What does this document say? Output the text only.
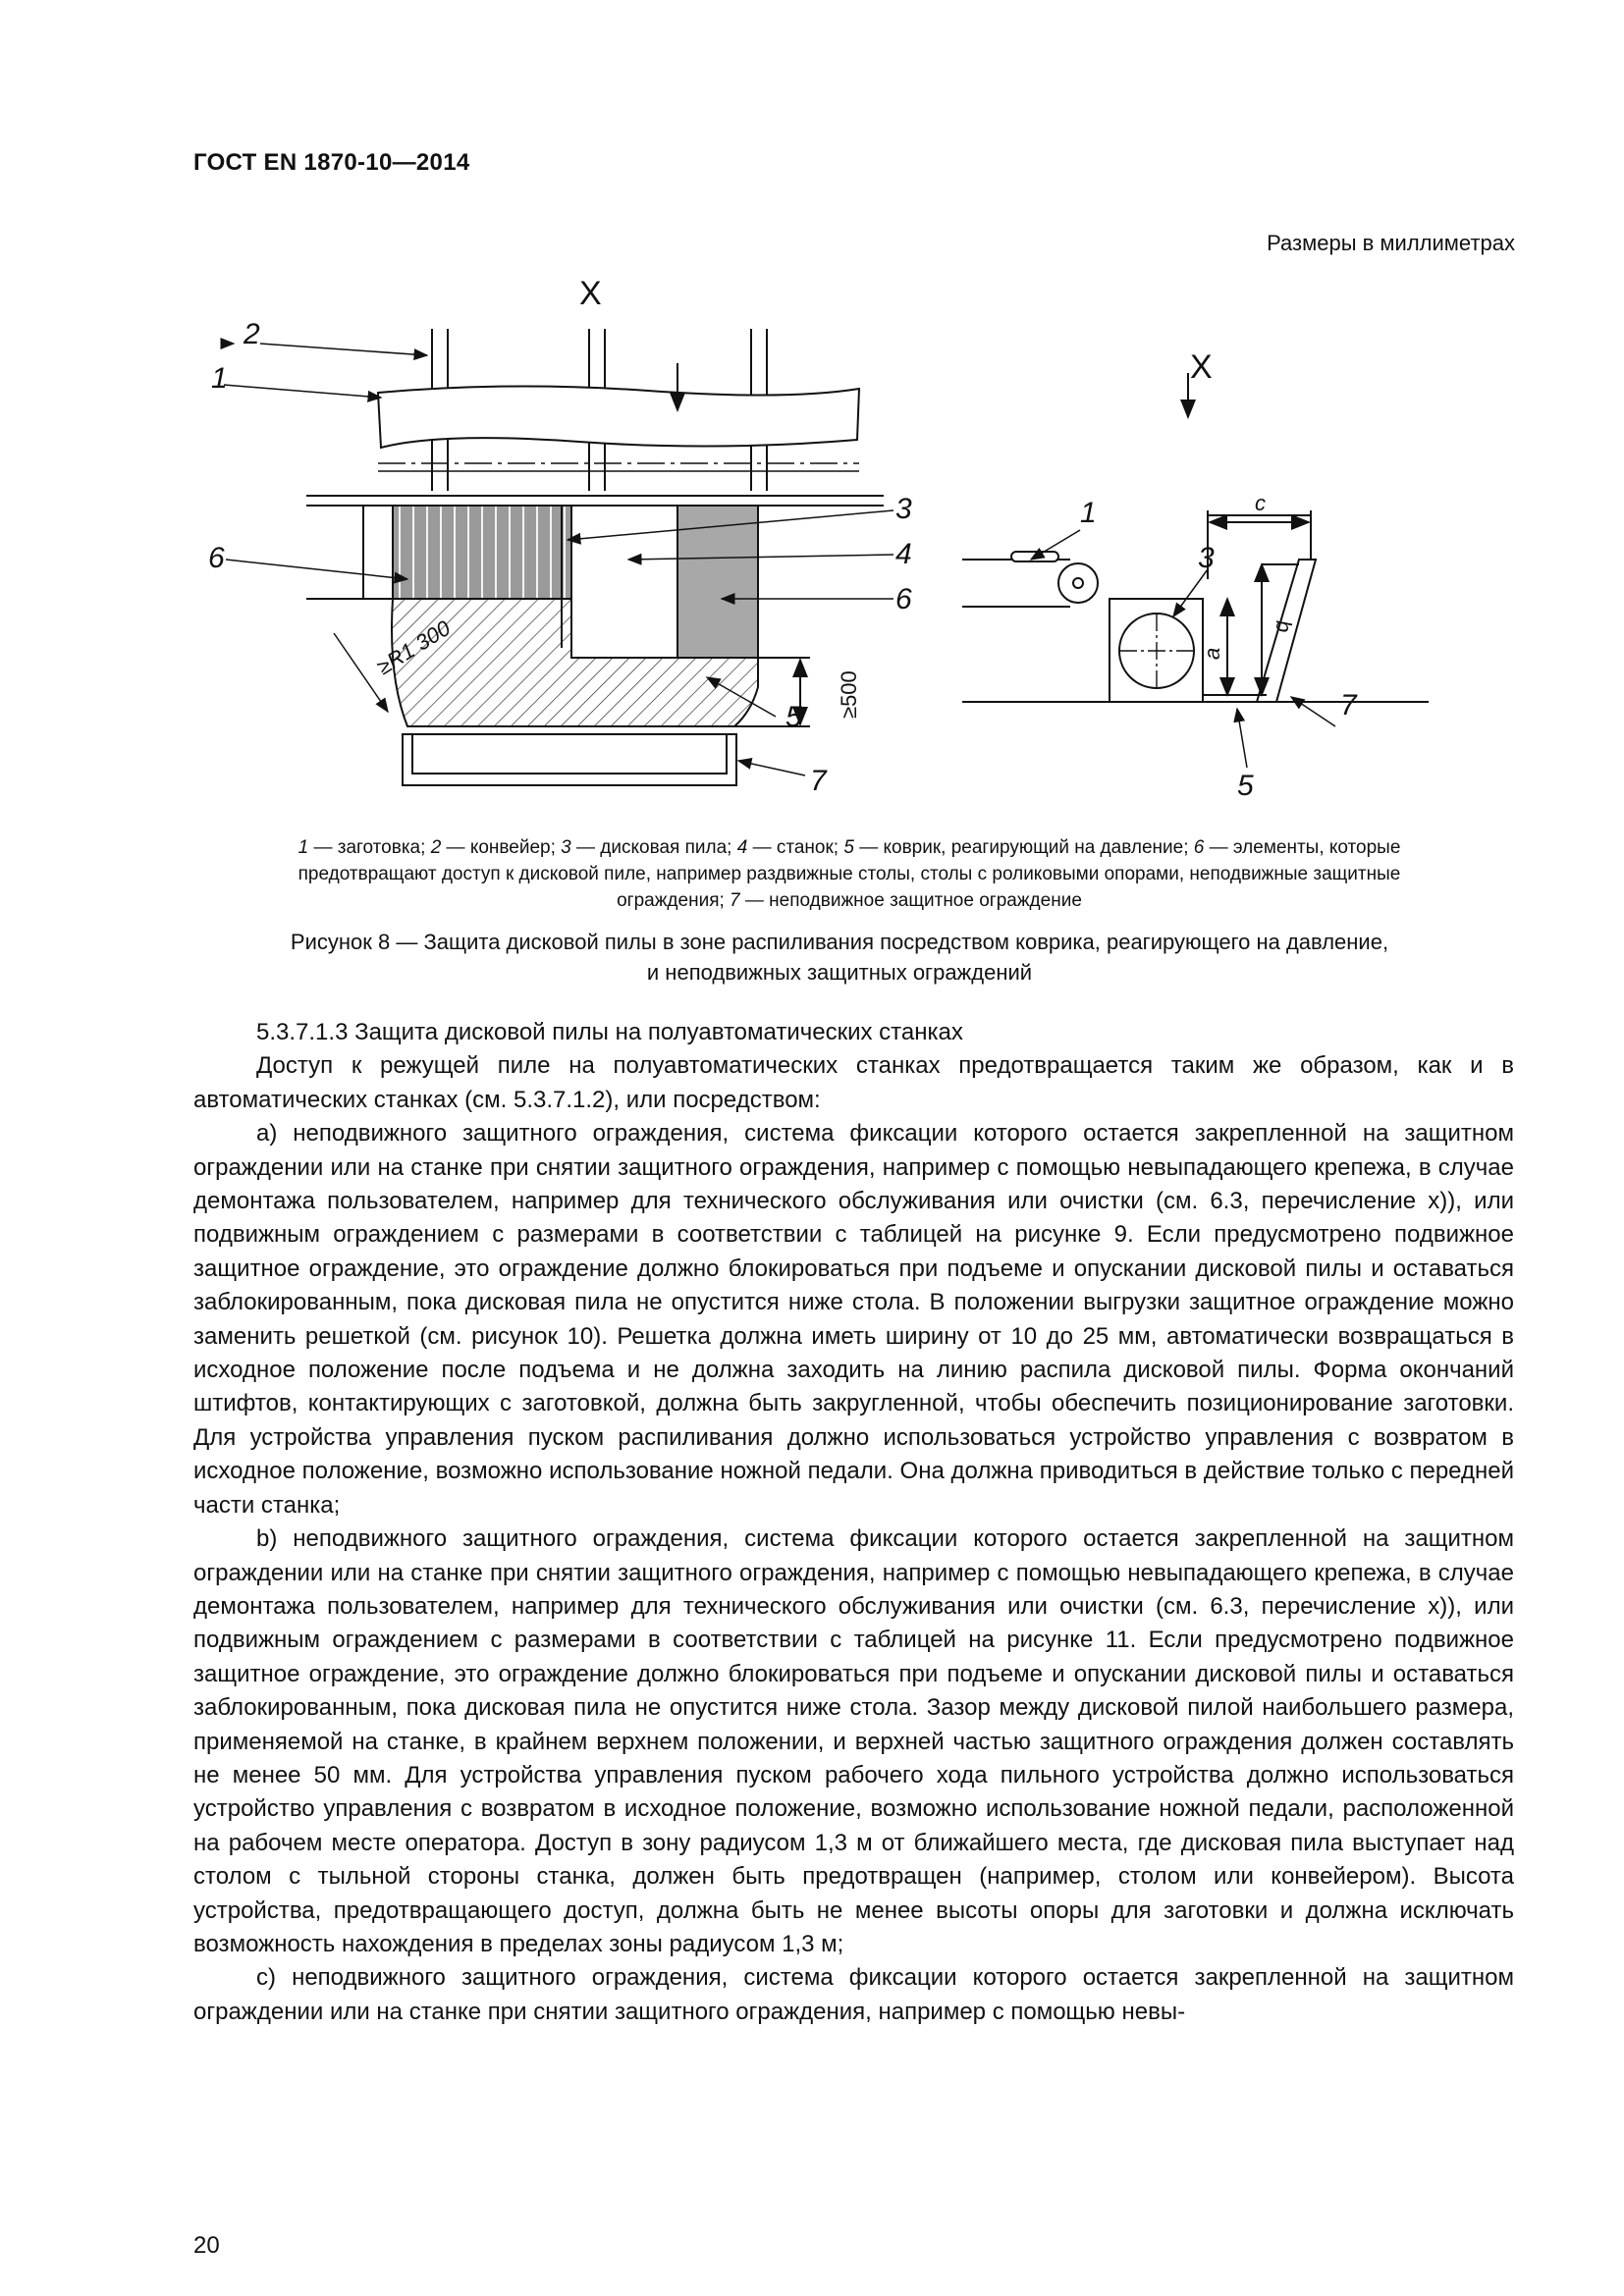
ГОСТ EN 1870-10—2014
Размеры в миллиметрах
X
2
1
3
4
6
6
5
7
≥R1 300
≥500
X
1
3
7
5
c
a
b
1 — заготовка; 2 — конвейер; 3 — дисковая пила; 4 — станок; 5 — коврик, реагирующий на давление; 6 — элементы, которые предотвращают доступ к дисковой пиле, например раздвижные столы, столы с роликовыми опорами, неподвижные защитные ограждения; 7 — неподвижное защитное ограждение
Рисунок 8 — Защита дисковой пилы в зоне распиливания посредством коврика, реагирующего на давление,
и неподвижных защитных ограждений

5.3.7.1.3 Защита дисковой пилы на полуавтоматических станках

Доступ к режущей пиле на полуавтоматических станках предотвращается таким же образом, как и в автоматических станках (см. 5.3.7.1.2), или посредством:

a) неподвижного защитного ограждения, система фиксации которого остается закрепленной на защитном ограждении или на станке при снятии защитного ограждения, например с помощью невыпадающего крепежа, в случае демонтажа пользователем, например для технического обслуживания или очистки (см. 6.3, перечисление x)), или подвижным ограждением с размерами в соответствии с таблицей на рисунке 9. Если предусмотрено подвижное защитное ограждение, это ограждение должно блокироваться при подъеме и опускании дисковой пилы и оставаться заблокированным, пока дисковая пила не опустится ниже стола. В положении выгрузки защитное ограждение можно заменить решеткой (см. рисунок 10). Решетка должна иметь ширину от 10 до 25 мм, автоматически возвращаться в исходное положение после подъема и не должна заходить на линию распила дисковой пилы. Форма окончаний штифтов, контактирующих с заготовкой, должна быть закругленной, чтобы обеспечить позиционирование заготовки. Для устройства управления пуском распиливания должно использоваться устройство управления с возвратом в исходное положение, возможно использование ножной педали. Она должна приводиться в действие только с передней части станка;

b) неподвижного защитного ограждения, система фиксации которого остается закрепленной на защитном ограждении или на станке при снятии защитного ограждения, например с помощью невыпадающего крепежа, в случае демонтажа пользователем, например для технического обслуживания или очистки (см. 6.3, перечисление x)), или подвижным ограждением с размерами в соответствии с таблицей на рисунке 11. Если предусмотрено подвижное защитное ограждение, это ограждение должно блокироваться при подъеме и опускании дисковой пилы и оставаться заблокированным, пока дисковая пила не опустится ниже стола. Зазор между дисковой пилой наибольшего размера, применяемой на станке, в крайнем верхнем положении, и верхней частью защитного ограждения должен составлять не менее 50 мм. Для устройства управления пуском рабочего хода пильного устройства должно использоваться устройство управления с возвратом в исходное положение, возможно использование ножной педали, расположенной на рабочем месте оператора. Доступ в зону радиусом 1,3 м от ближайшего места, где дисковая пила выступает над столом с тыльной стороны станка, должен быть предотвращен (например, столом или конвейером). Высота устройства, предотвращающего доступ, должна быть не менее высоты опоры для заготовки и должна исключать возможность нахождения в пределах зоны радиусом 1,3 м;

c) неподвижного защитного ограждения, система фиксации которого остается закрепленной на защитном ограждении или на станке при снятии защитного ограждения, например с помощью невы-

20
